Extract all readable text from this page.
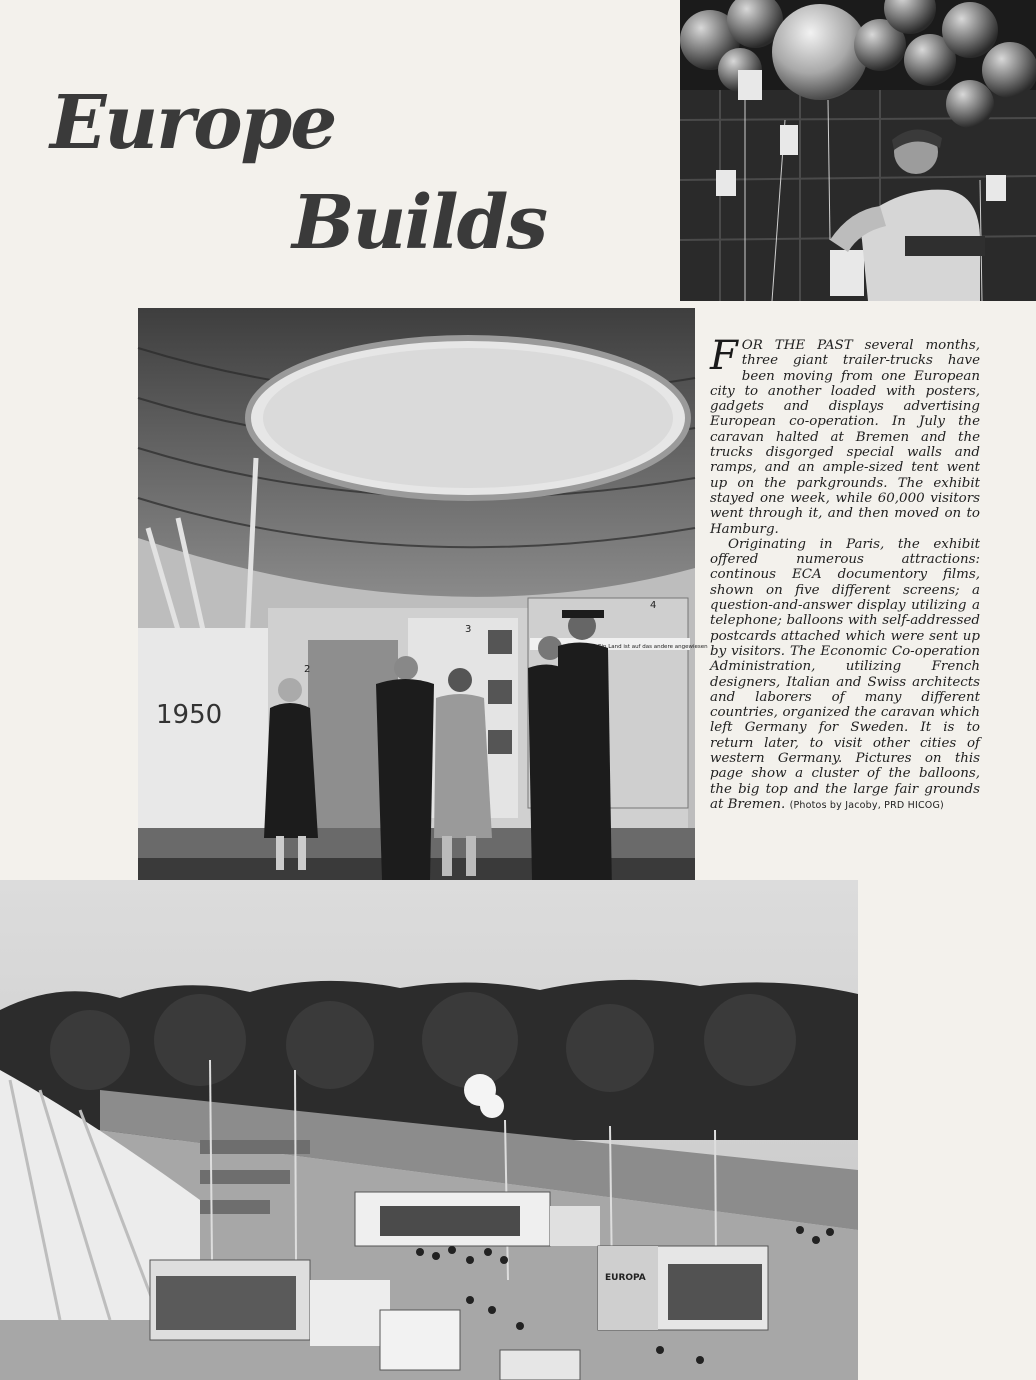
Europe
Builds
1950
2
3
4
Ein Land ist auf das andere angewiesen
EUROPA

FOR THE PAST several months, three giant trailer-trucks have been moving from one European city to another loaded with posters, gadgets and displays advertising European co-operation. In July the caravan halted at Bremen and the trucks disgorged special walls and ramps, and an ample-sized tent went up on the parkgrounds. The exhibit stayed one week, while 60,000 visitors went through it, and then moved on to Hamburg.

Originating in Paris, the exhibit offered numerous attractions: continous ECA documentory films, shown on five different screens; a question-and-answer display utilizing a telephone; balloons with self-addressed postcards attached which were sent up by visitors. The Economic Co-operation Administration, utilizing French designers, Italian and Swiss architects and laborers of many different countries, organized the caravan which left Germany for Sweden. It is to return later, to visit other cities of western Germany. Pictures on this page show a cluster of the balloons, the big top and the large fair grounds at Bremen. (Photos by Jacoby, PRD HICOG)
